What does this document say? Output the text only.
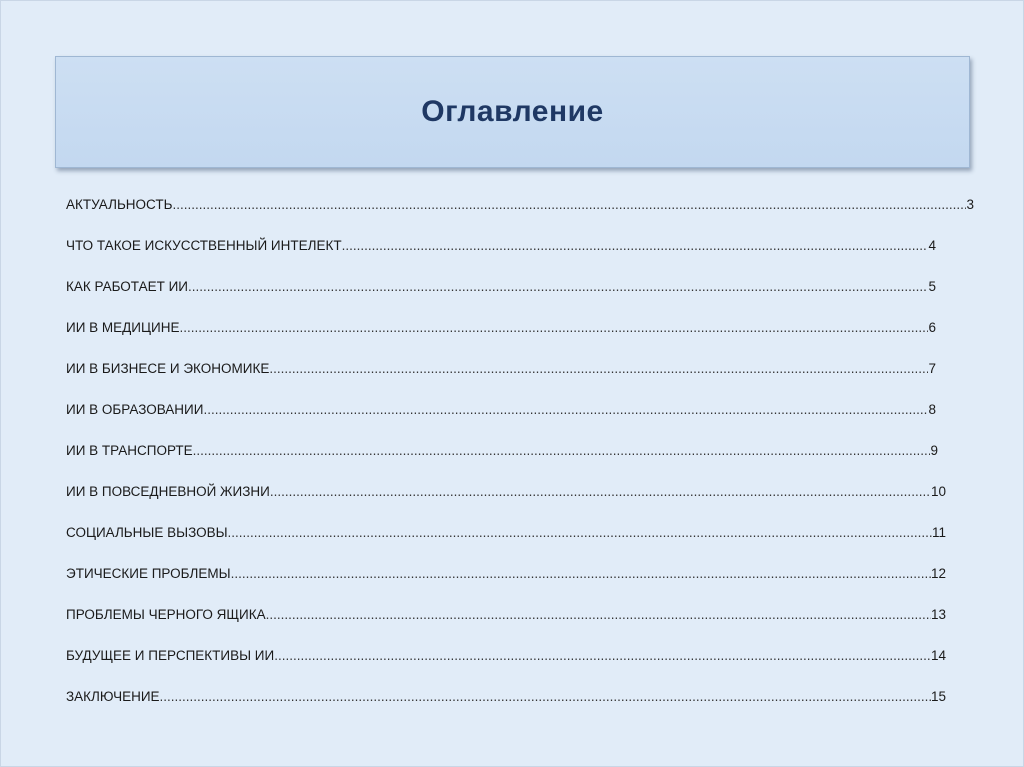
Оглавление
АКТУАЛЬНОСТЬ .....	3
ЧТО ТАКОЕ ИСКУССТВЕННЫЙ ИНТЕЛЕКТ .....	4
КАК РАБОТАЕТ ИИ .....	5
ИИ В МЕДИЦИНЕ .....	6
ИИ В БИЗНЕСЕ И ЭКОНОМИКЕ .....	7
ИИ В ОБРАЗОВАНИИ .....	8
ИИ В ТРАНСПОРТЕ .....	9
ИИ В ПОВСЕДНЕВНОЙ ЖИЗНИ .....	10
СОЦИАЛЬНЫЕ ВЫЗОВЫ .....	11
ЭТИЧЕСКИЕ ПРОБЛЕМЫ .....	12
ПРОБЛЕМЫ ЧЕРНОГО ЯЩИКА .....	13
БУДУЩЕЕ И ПЕРСПЕКТИВЫ ИИ .....	14
ЗАКЛЮЧЕНИЕ .....	15
